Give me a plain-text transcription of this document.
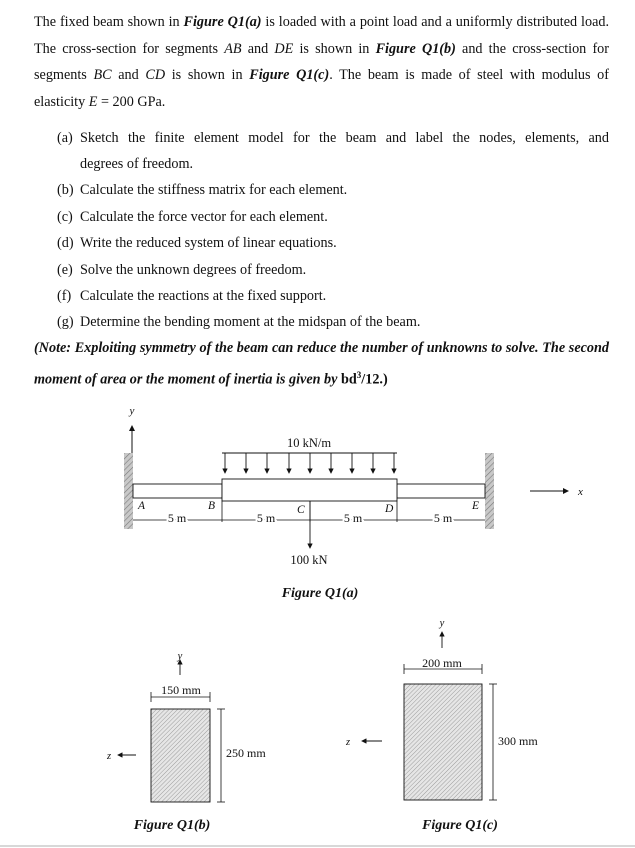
The fixed beam shown in Figure Q1(a) is loaded with a point load and a uniformly distributed load. The cross-section for segments AB and DE is shown in Figure Q1(b) and the cross-section for segments BC and CD is shown in Figure Q1(c). The beam is made of steel with modulus of elasticity E = 200 GPa.
(a) Sketch the finite element model for the beam and label the nodes, elements, and
degrees of freedom.
(b) Calculate the stiffness matrix for each element.
(c) Calculate the force vector for each element.
(d) Write the reduced system of linear equations.
(e) Solve the unknown degrees of freedom.
(f) Calculate the reactions at the fixed support.
(g) Determine the bending moment at the midspan of the beam.
(Note: Exploiting symmetry of the beam can reduce the number of unknowns to solve. The second moment of area or the moment of inertia is given by $bd^3/12$.)
y
x
10 kN/m
100 kN
A	B	C	D	E
5 m	5 m	5 m	5 m
Figure Q1(a)
y
z
150 mm
250 mm
Figure Q1(b)
y
z
200 mm
300 mm
Figure Q1(c)
